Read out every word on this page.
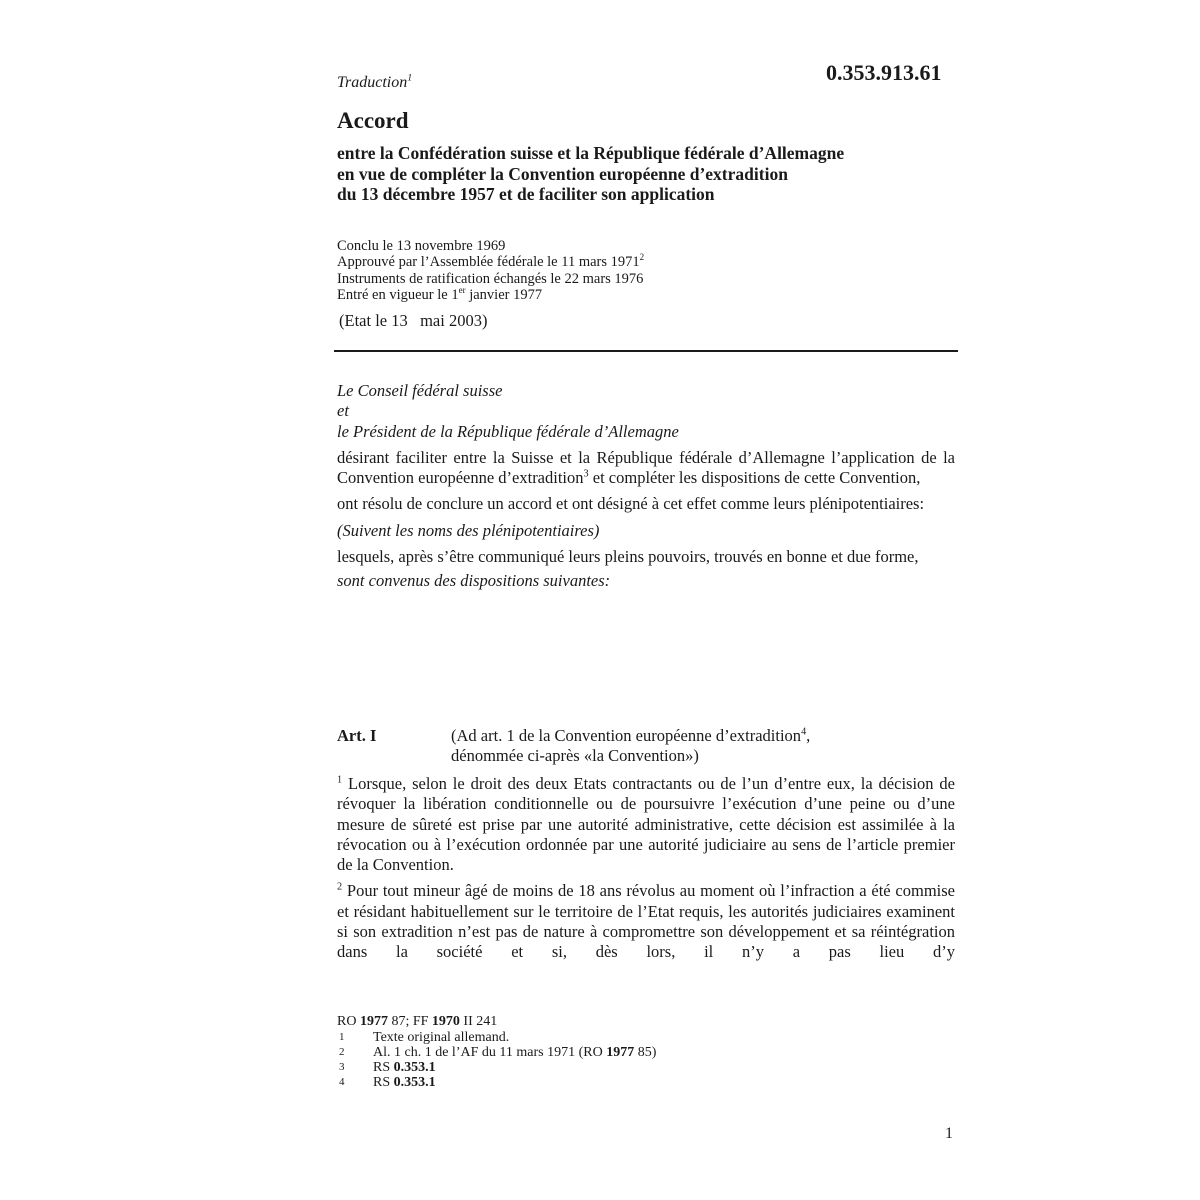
Traduction$^1$	0.353.913.61
Accord
entre la Confédération suisse et la République fédérale d’Allemagne
en vue de compléter la Convention européenne d’extradition
du 13 décembre 1957 et de faciliter son application
Conclu le 13 novembre 1969
Approuvé par l’Assemblée fédérale le 11 mars 1971$^2$
Instruments de ratification échangés le 22 mars 1976
Entré en vigueur le 1er janvier 1977
(Etat le 13   mai 2003)
Le Conseil fédéral suisse
et
le Président de la République fédérale d’Allemagne

désirant faciliter entre la Suisse et la République fédérale d’Allemagne l’application de la Convention européenne d’extradition$^3$ et compléter les dispositions de cette Convention,

ont résolu de conclure un accord et ont désigné à cet effet comme leurs plénipotentiaires:

(Suivent les noms des plénipotentiaires)

lesquels, après s’être communiqué leurs pleins pouvoirs, trouvés en bonne et due forme,

sont convenus des dispositions suivantes:

Art. I	(Ad art. 1 de la Convention européenne d’extradition$^4$,
dénommée ci-après «la Convention»)

$^1$ Lorsque, selon le droit des deux Etats contractants ou de l’un d’entre eux, la décision de révoquer la libération conditionnelle ou de poursuivre l’exécution d’une peine ou d’une mesure de sûreté est prise par une autorité administrative, cette décision est assimilée à la révocation ou à l’exécution ordonnée par une autorité judiciaire au sens de l’article premier de la Convention.

$^2$ Pour tout mineur âgé de moins de 18 ans révolus au moment où l’infraction a été commise et résidant habituellement sur le territoire de l’Etat requis, les autorités judiciaires examinent si son extradition n’est pas de nature à compromettre son développement et sa réintégration dans la société et si, dès lors, il n’y a pas lieu d’y

RO 1977 87; FF 1970 II 241
1	Texte original allemand.
2	Al. 1 ch. 1 de l’AF du 11 mars 1971 (RO 1977 85)
3	RS 0.353.1
4	RS 0.353.1
1
